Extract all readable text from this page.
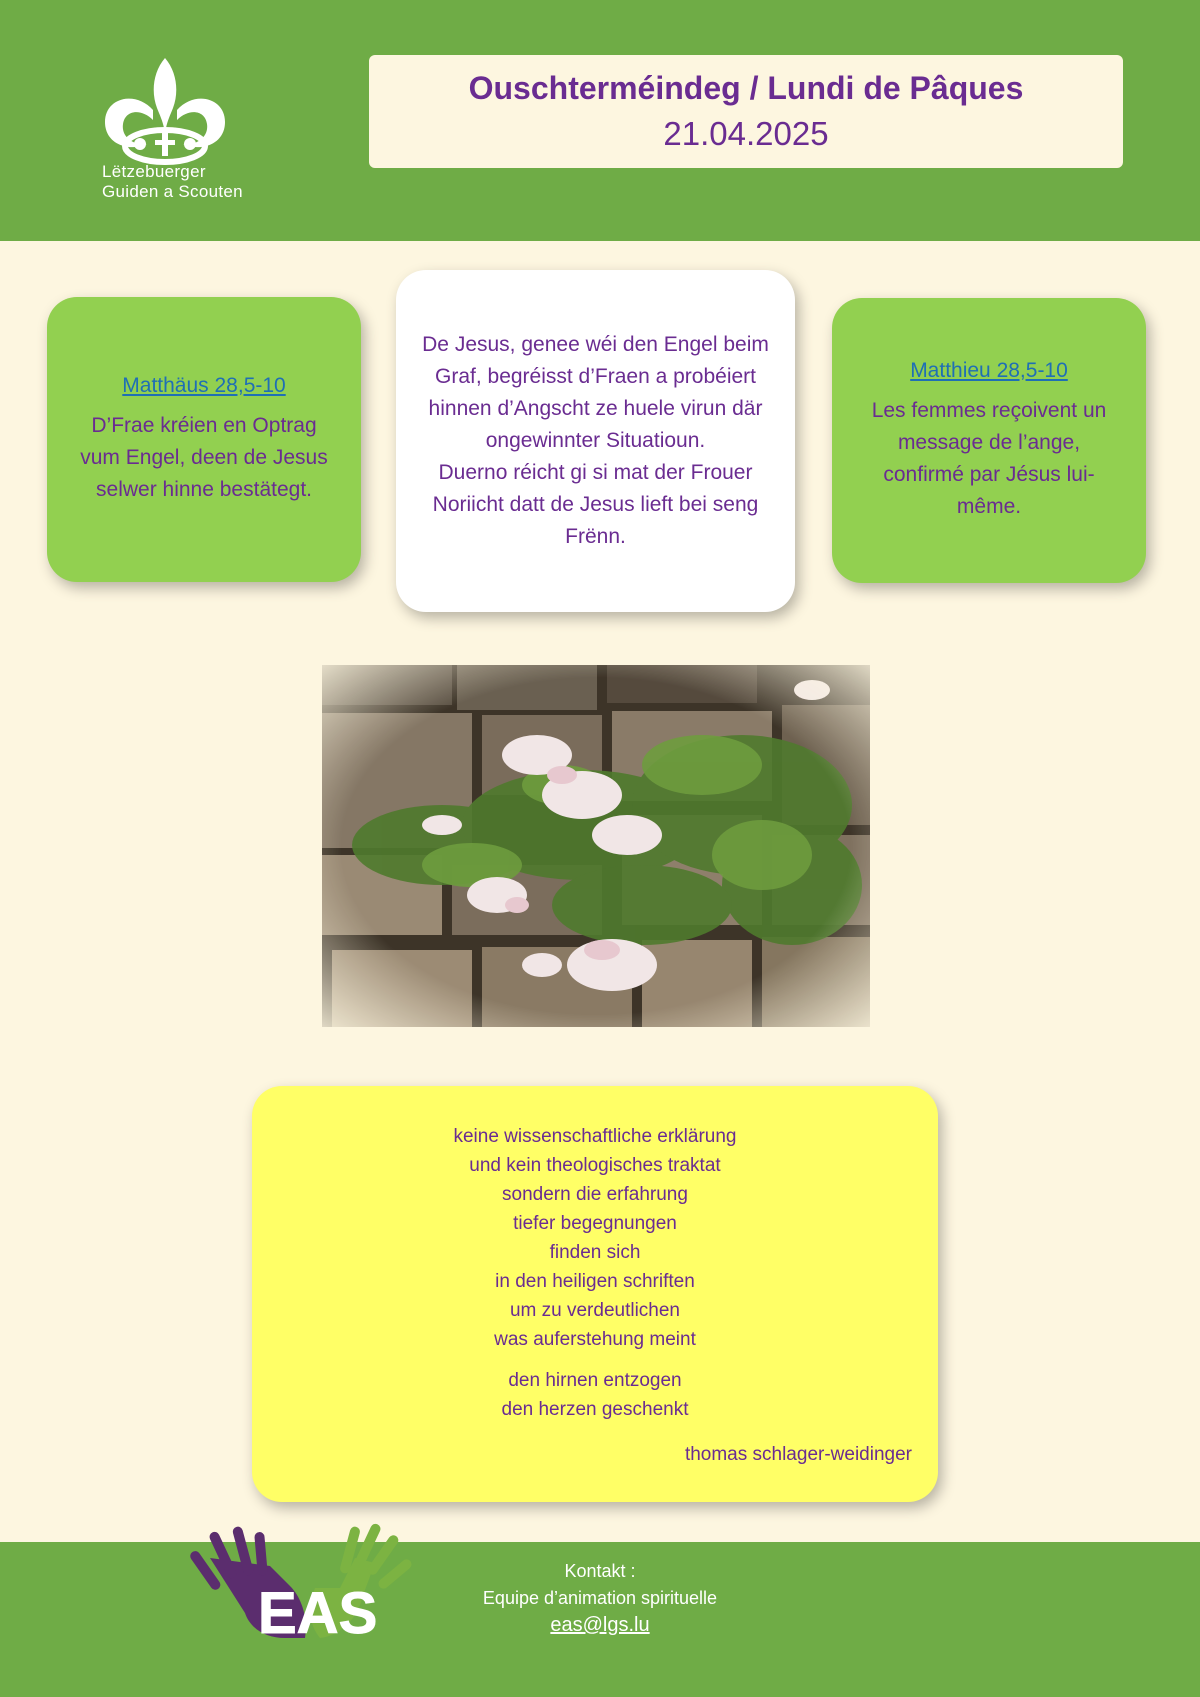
Lëtzebuerger
Guiden a Scouten
Ouschterméindeg / Lundi de Pâques
21.04.2025
Matthäus 28,5-10
D’Frae kréien en Optrag vum Engel, deen de Jesus selwer hinne bestätegt.
De Jesus, genee wéi den Engel beim Graf, begréisst d’Fraen a probéiert hinnen d’Angscht ze huele virun där ongewinnter Situatioun.
Duerno réicht gi si mat der Frouer Noriicht datt de Jesus lieft bei seng Frënn.
Matthieu 28,5-10
Les femmes reçoivent un message de l’ange, confirmé par Jésus lui-même.
keine wissenschaftliche erklärung
und kein theologisches traktat
sondern die erfahrung
tiefer begegnungen
finden sich
in den heiligen schriften
um zu verdeutlichen
was auferstehung meint
den hirnen entzogen
den herzen geschenkt
thomas schlager-weidinger
EAS
Kontakt :
Equipe d’animation spirituelle
eas@lgs.lu
